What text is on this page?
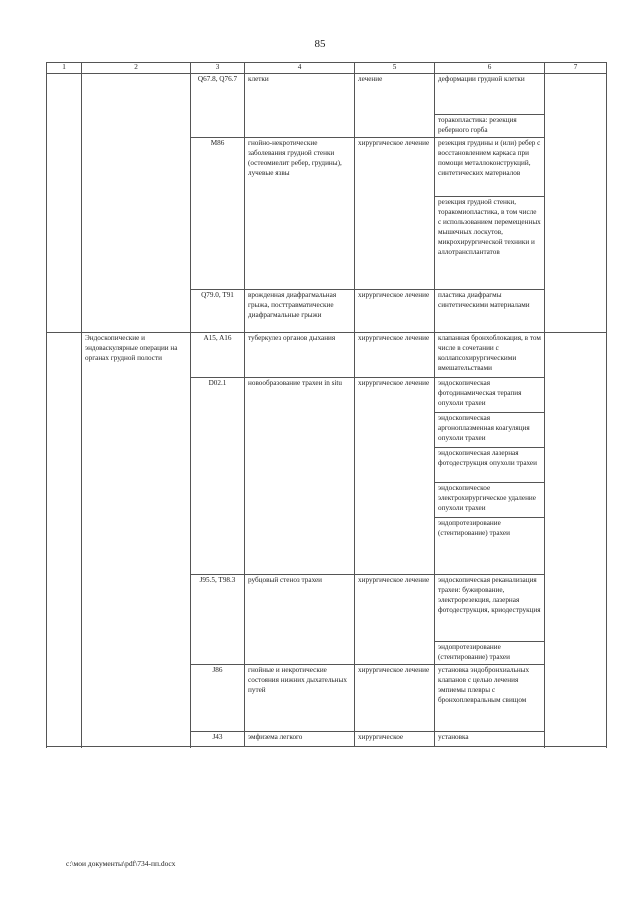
85
1	2	3	4	5	6	7
		Q67.8, Q76.7	клетки	лечение	деформации грудной клетки	
					торакопластика: резекция реберного горба	
		M86	гнойно-некротические заболевания грудной стенки (остеомиелит ребер, грудины), лучевые язвы	хирургическое лечение	резекция грудины и (или) ребер с восстановлением каркаса при помощи металлоконструкций, синтетических материалов	
					резекция грудной стенки, торакомиопластика, в том числе с использованием перемещенных мышечных лоскутов, микрохирургической техники и аллотрансплантатов	
		Q79.0, T91	врожденная диафрагмальная грыжа, посттравматические диафрагмальные грыжи	хирургическое лечение	пластика диафрагмы синтетическими материалами	

	Эндоскопические и эндоваскулярные операции на органах грудной полости	A15, A16	туберкулез органов дыхания	хирургическое лечение	клапанная бронхоблокация, в том числе в сочетании с коллапсохирургическими вмешательствами	
		D02.1	новообразование трахеи in situ	хирургическое лечение	эндоскопическая фотодинамическая терапия опухоли трахеи	
					эндоскопическая аргоноплазменная коагуляция опухоли трахеи	
					эндоскопическая лазерная фотодеструкция опухоли трахеи	
					эндоскопическое электрохирургическое удаление опухоли трахеи	
					эндопротезирование (стентирование) трахеи	
		J95.5, T98.3	рубцовый стеноз трахеи	хирургическое лечение	эндоскопическая реканализация трахеи: бужирование, электрорезекция, лазерная фотодеструкция, криодеструкция	
					эндопротезирование (стентирование) трахеи	
		J86	гнойные и некротические состояния нижних дыхательных путей	хирургическое лечение	установка эндобронхиальных клапанов с целью лечения эмпиемы плевры с бронхоплевральным свищом	
		J43	эмфизема легкого	хирургическое	установка	

c:\мои документы\pdf\734-пп.docx
